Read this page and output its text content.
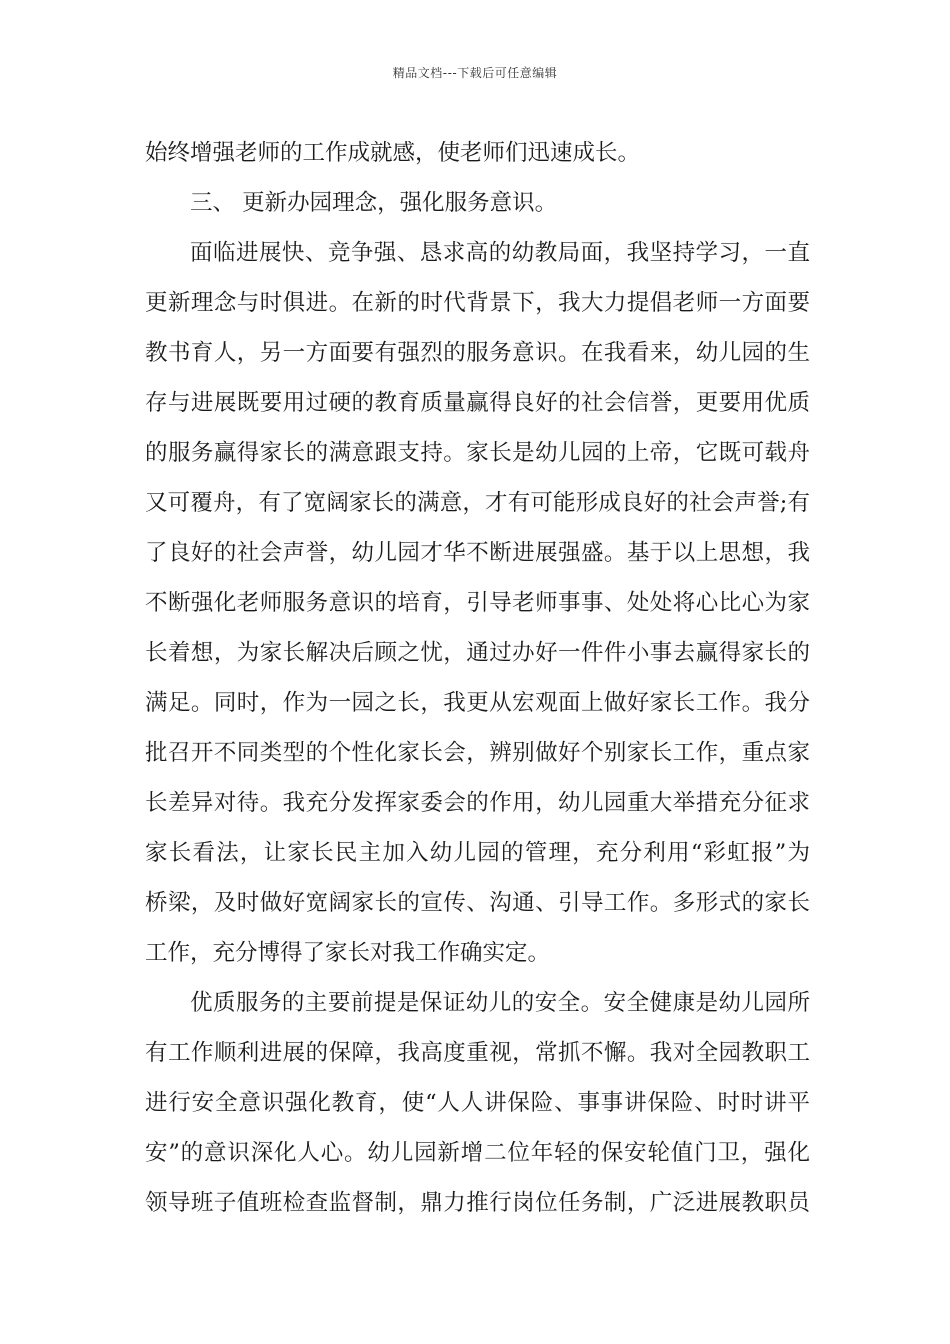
精品文档---下载后可任意编辑
始终增强老师的工作成就感，使老师们迅速成长。
三、 更新办园理念，强化服务意识。
面临进展快、竞争强、恳求高的幼教局面，我坚持学习，一直
更新理念与时俱进。在新的时代背景下，我大力提倡老师一方面要
教书育人，另一方面要有强烈的服务意识。在我看来，幼儿园的生
存与进展既要用过硬的教育质量赢得良好的社会信誉，更要用优质
的服务赢得家长的满意跟支持。家长是幼儿园的上帝，它既可载舟
又可覆舟，有了宽阔家长的满意，才有可能形成良好的社会声誉;有
了良好的社会声誉，幼儿园才华不断进展强盛。基于以上思想，我
不断强化老师服务意识的培育，引导老师事事、处处将心比心为家
长着想，为家长解决后顾之忧，通过办好一件件小事去赢得家长的
满足。同时，作为一园之长，我更从宏观面上做好家长工作。我分
批召开不同类型的个性化家长会，辨别做好个别家长工作，重点家
长差异对待。我充分发挥家委会的作用，幼儿园重大举措充分征求
家长看法，让家长民主加入幼儿园的管理，充分利用“彩虹报”为
桥梁，及时做好宽阔家长的宣传、沟通、引导工作。多形式的家长
工作，充分博得了家长对我工作确实定。
优质服务的主要前提是保证幼儿的安全。安全健康是幼儿园所
有工作顺利进展的保障，我高度重视，常抓不懈。我对全园教职工
进行安全意识强化教育，使“人人讲保险、事事讲保险、时时讲平
安”的意识深化人心。幼儿园新增二位年轻的保安轮值门卫，强化
领导班子值班检查监督制，鼎力推行岗位任务制，广泛进展教职员
